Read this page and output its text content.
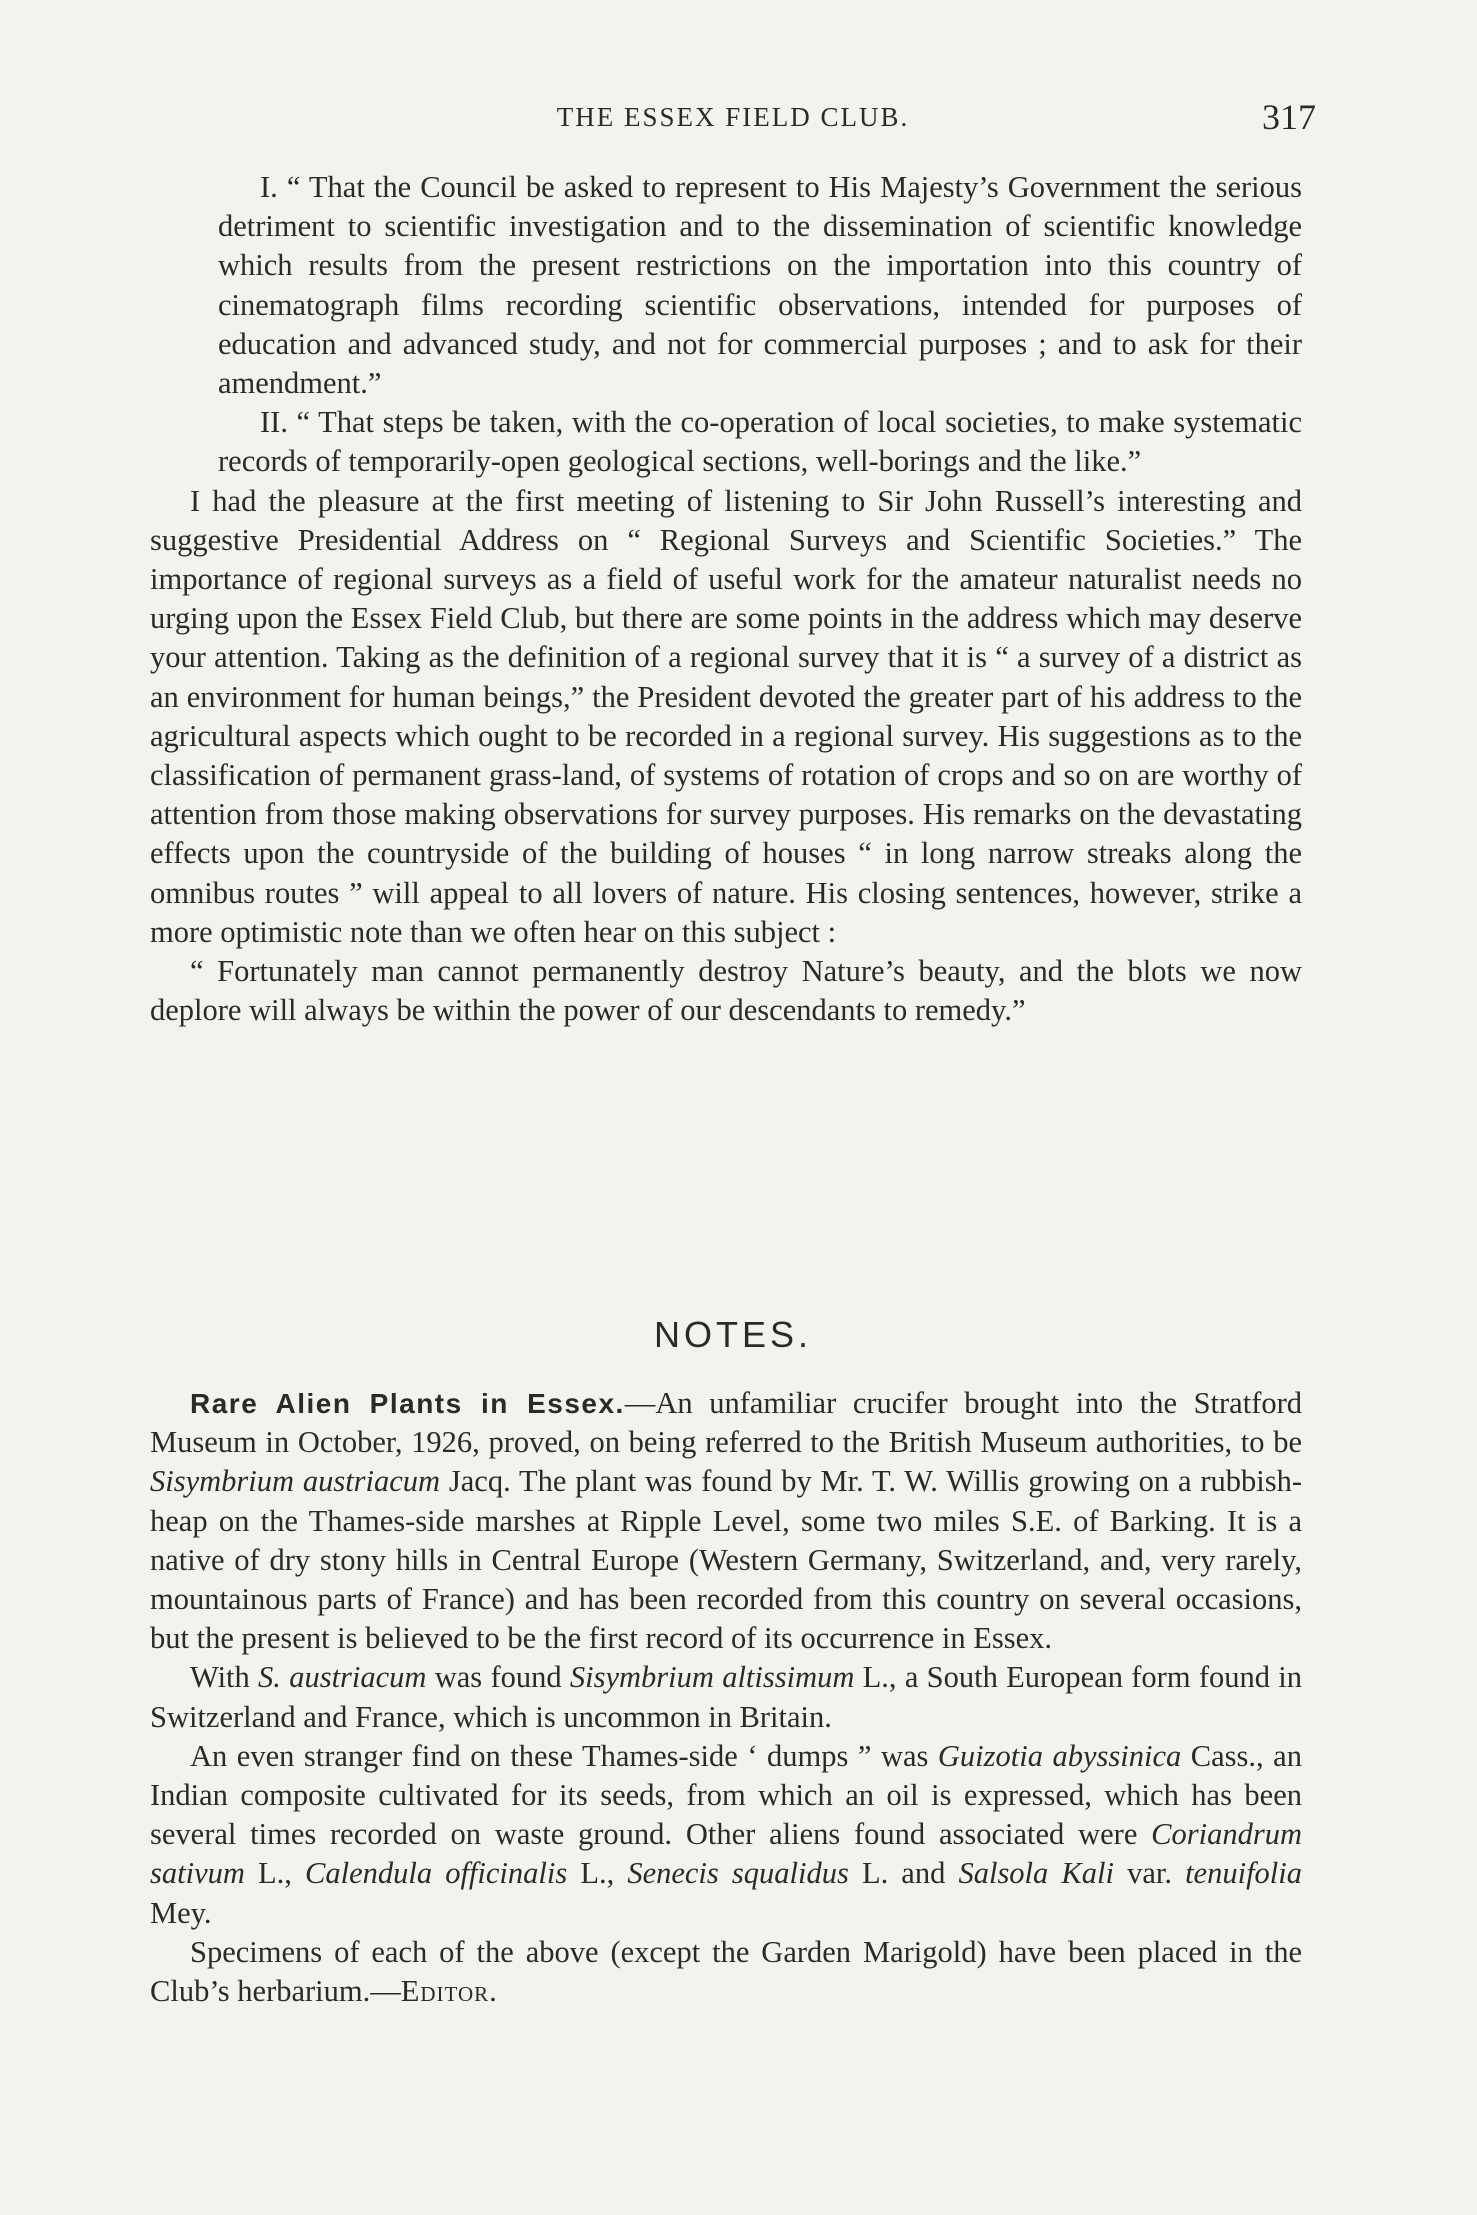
THE ESSEX FIELD CLUB.	317

I. “ That the Council be asked to represent to His Majesty’s Government the serious detriment to scientific investigation and to the dissemination of scientific knowledge which results from the present restrictions on the importation into this country of cinematograph films recording scientific observations, intended for purposes of education and advanced study, and not for commercial purposes ; and to ask for their amendment.”

II. “ That steps be taken, with the co-operation of local societies, to make systematic records of temporarily-open geological sections, well-borings and the like.”

I had the pleasure at the first meeting of listening to Sir John Russell’s interesting and suggestive Presidential Address on “ Regional Surveys and Scientific Societies.” The importance of regional surveys as a field of useful work for the amateur naturalist needs no urging upon the Essex Field Club, but there are some points in the address which may deserve your attention. Taking as the definition of a regional survey that it is “ a survey of a district as an environment for human beings,” the President devoted the greater part of his address to the agricultural aspects which ought to be recorded in a regional survey. His suggestions as to the classification of permanent grass-land, of systems of rotation of crops and so on are worthy of attention from those making observations for survey purposes. His remarks on the devastating effects upon the countryside of the building of houses “ in long narrow streaks along the omnibus routes ” will appeal to all lovers of nature. His closing sentences, however, strike a more optimistic note than we often hear on this subject :

“ Fortunately man cannot permanently destroy Nature’s beauty, and the blots we now deplore will always be within the power of our descendants to remedy.”

NOTES.

Rare Alien Plants in Essex.—An unfamiliar crucifer brought into the Stratford Museum in October, 1926, proved, on being referred to the British Museum authorities, to be Sisymbrium austriacum Jacq. The plant was found by Mr. T. W. Willis growing on a rubbish-heap on the Thames-side marshes at Ripple Level, some two miles S.E. of Barking. It is a native of dry stony hills in Central Europe (Western Germany, Switzerland, and, very rarely, mountainous parts of France) and has been recorded from this country on several occasions, but the present is believed to be the first record of its occurrence in Essex.

With S. austriacum was found Sisymbrium altissimum L., a South European form found in Switzerland and France, which is uncommon in Britain.

An even stranger find on these Thames-side ‘ dumps ” was Guizotia abyssinica Cass., an Indian composite cultivated for its seeds, from which an oil is expressed, which has been several times recorded on waste ground. Other aliens found associated were Coriandrum sativum L., Calendula officinalis L., Senecis squalidus L. and Salsola Kali var. tenuifolia Mey.

Specimens of each of the above (except the Garden Marigold) have been placed in the Club’s herbarium.—Editor.
